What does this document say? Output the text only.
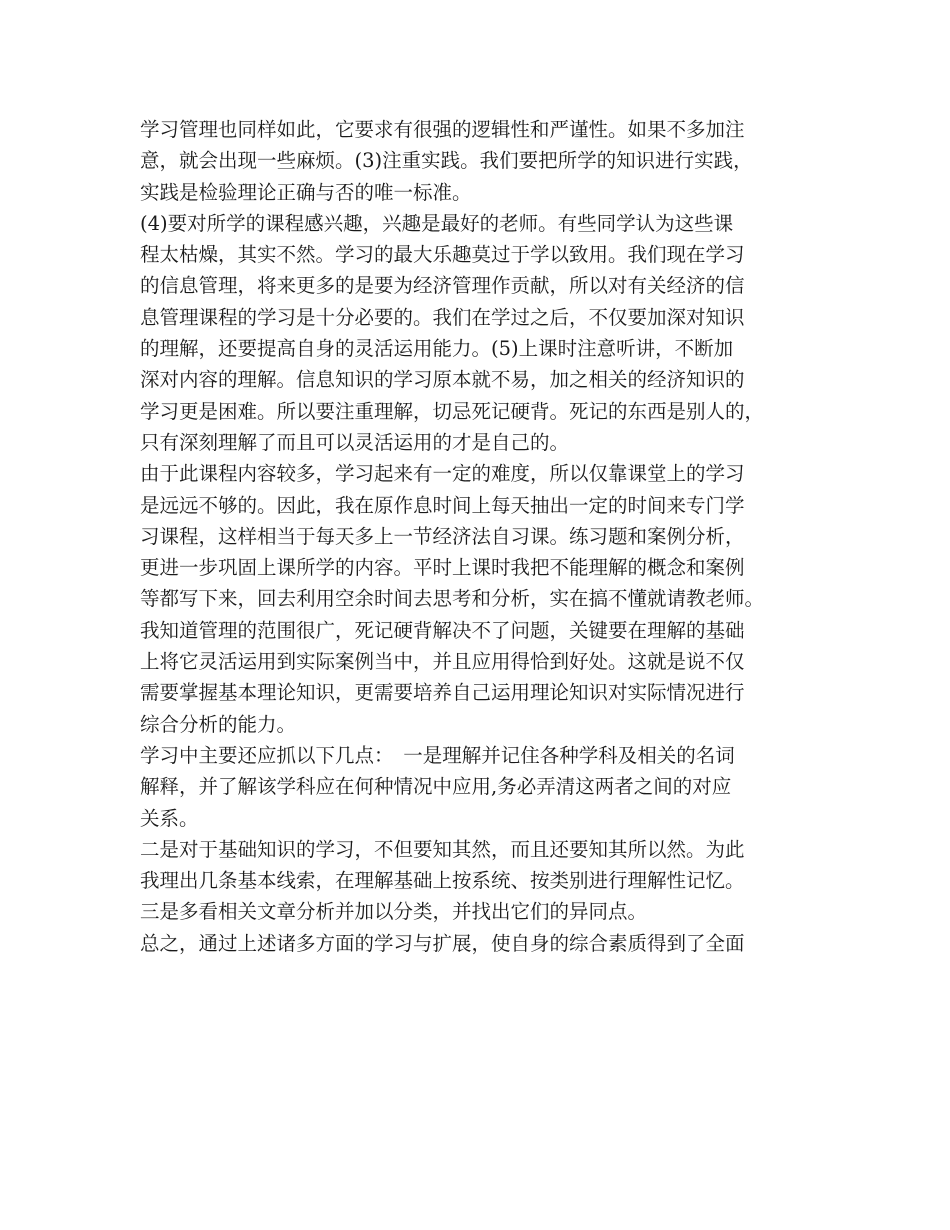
学习管理也同样如此，它要求有很强的逻辑性和严谨性。如果不多加注
意，就会出现一些麻烦。(3)注重实践。我们要把所学的知识进行实践，
实践是检验理论正确与否的唯一标准。
(4)要对所学的课程感兴趣，兴趣是最好的老师。有些同学认为这些课
程太枯燥，其实不然。学习的最大乐趣莫过于学以致用。我们现在学习
的信息管理，将来更多的是要为经济管理作贡献，所以对有关经济的信
息管理课程的学习是十分必要的。我们在学过之后，不仅要加深对知识
的理解，还要提高自身的灵活运用能力。(5)上课时注意听讲，不断加
深对内容的理解。信息知识的学习原本就不易，加之相关的经济知识的
学习更是困难。所以要注重理解，切忌死记硬背。死记的东西是别人的，
只有深刻理解了而且可以灵活运用的才是自己的。
由于此课程内容较多，学习起来有一定的难度，所以仅靠课堂上的学习
是远远不够的。因此，我在原作息时间上每天抽出一定的时间来专门学
习课程，这样相当于每天多上一节经济法自习课。练习题和案例分析，
更进一步巩固上课所学的内容。平时上课时我把不能理解的概念和案例
等都写下来，回去利用空余时间去思考和分析，实在搞不懂就请教老师。
我知道管理的范围很广，死记硬背解决不了问题，关键要在理解的基础
上将它灵活运用到实际案例当中，并且应用得恰到好处。这就是说不仅
需要掌握基本理论知识，更需要培养自己运用理论知识对实际情况进行
综合分析的能力。
学习中主要还应抓以下几点：　一是理解并记住各种学科及相关的名词
解释，并了解该学科应在何种情况中应用,务必弄清这两者之间的对应
关系。
二是对于基础知识的学习，不但要知其然，而且还要知其所以然。为此
我理出几条基本线索，在理解基础上按系统、按类别进行理解性记忆。
三是多看相关文章分析并加以分类，并找出它们的异同点。
总之，通过上述诸多方面的学习与扩展，使自身的综合素质得到了全面
